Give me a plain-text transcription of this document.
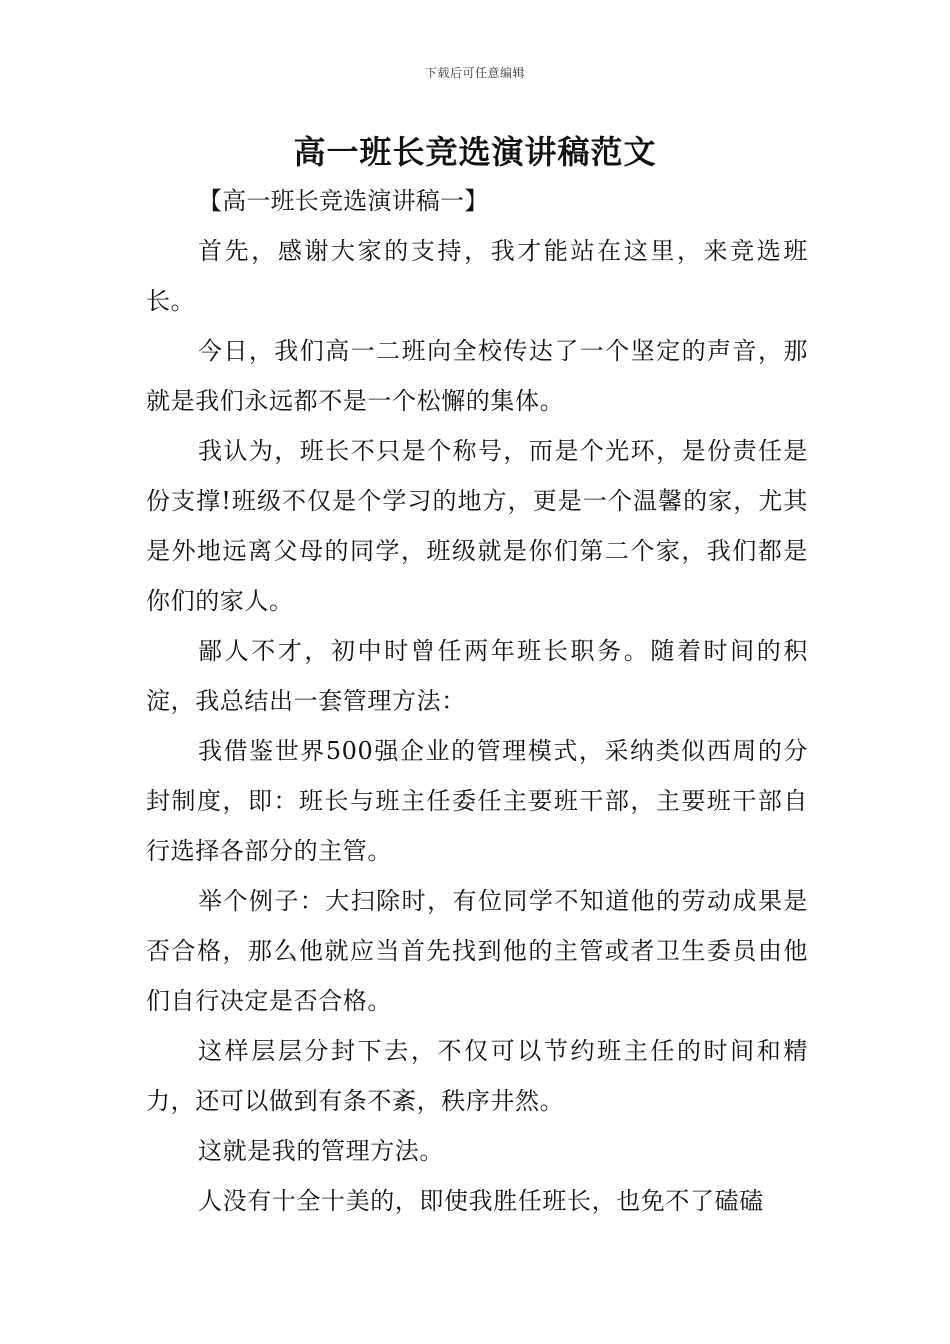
下载后可任意编辑
高一班长竞选演讲稿范文

【高一班长竞选演讲稿一】

首先，感谢大家的支持，我才能站在这里，来竞选班长。

今日，我们高一二班向全校传达了一个坚定的声音，那就是我们永远都不是一个松懈的集体。

我认为，班长不只是个称号，而是个光环，是份责任是份支撑!班级不仅是个学习的地方，更是一个温馨的家，尤其是外地远离父母的同学，班级就是你们第二个家，我们都是你们的家人。

鄙人不才，初中时曾任两年班长职务。随着时间的积淀，我总结出一套管理方法：

我借鉴世界500强企业的管理模式，采纳类似西周的分封制度，即：班长与班主任委任主要班干部，主要班干部自行选择各部分的主管。

举个例子：大扫除时，有位同学不知道他的劳动成果是否合格，那么他就应当首先找到他的主管或者卫生委员由他们自行决定是否合格。

这样层层分封下去，不仅可以节约班主任的时间和精力，还可以做到有条不紊，秩序井然。

这就是我的管理方法。

人没有十全十美的，即使我胜任班长，也免不了磕磕
